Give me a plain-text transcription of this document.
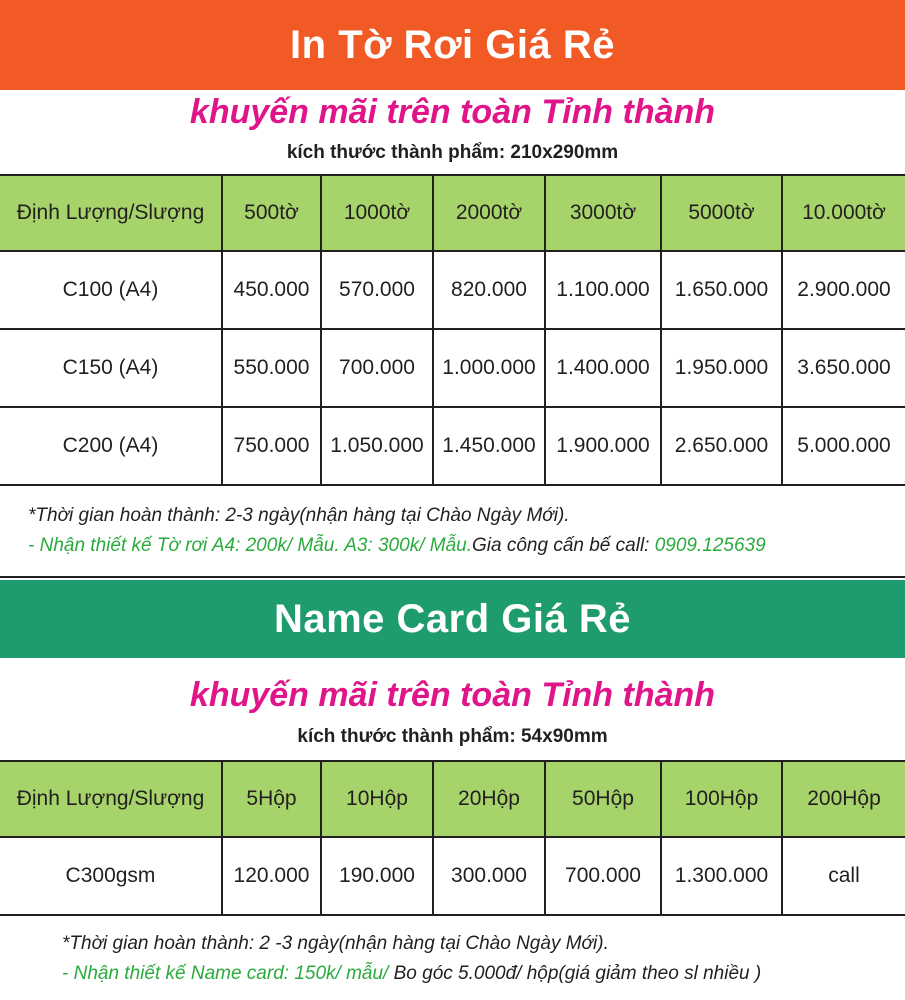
In Tờ Rơi Giá Rẻ
khuyến mãi trên toàn Tỉnh thành
kích thước thành phẩm: 210x290mm
Định Lượng/Slượng	500tờ	1000tờ	2000tờ	3000tờ	5000tờ	10.000tờ
C100 (A4)	450.000	570.000	820.000	1.100.000	1.650.000	2.900.000
C150 (A4)	550.000	700.000	1.000.000	1.400.000	1.950.000	3.650.000
C200 (A4)	750.000	1.050.000	1.450.000	1.900.000	2.650.000	5.000.000
*Thời gian hoàn thành: 2-3 ngày(nhận hàng tại Chào Ngày Mới).
- Nhận thiết kế Tờ rơi A4: 200k/ Mẫu. A3: 300k/ Mẫu.Gia công cấn bế call: 0909.125639
Name Card Giá Rẻ
khuyến mãi trên toàn Tỉnh thành
kích thước thành phẩm: 54x90mm
Định Lượng/Slượng	5Hộp	10Hộp	20Hộp	50Hộp	100Hộp	200Hộp
C300gsm	120.000	190.000	300.000	700.000	1.300.000	call
*Thời gian hoàn thành: 2 -3 ngày(nhận hàng tại Chào Ngày Mới).
- Nhận thiết kế Name card: 150k/ mẫu/ Bo góc 5.000đ/ hộp(giá giảm theo sl nhiều )
